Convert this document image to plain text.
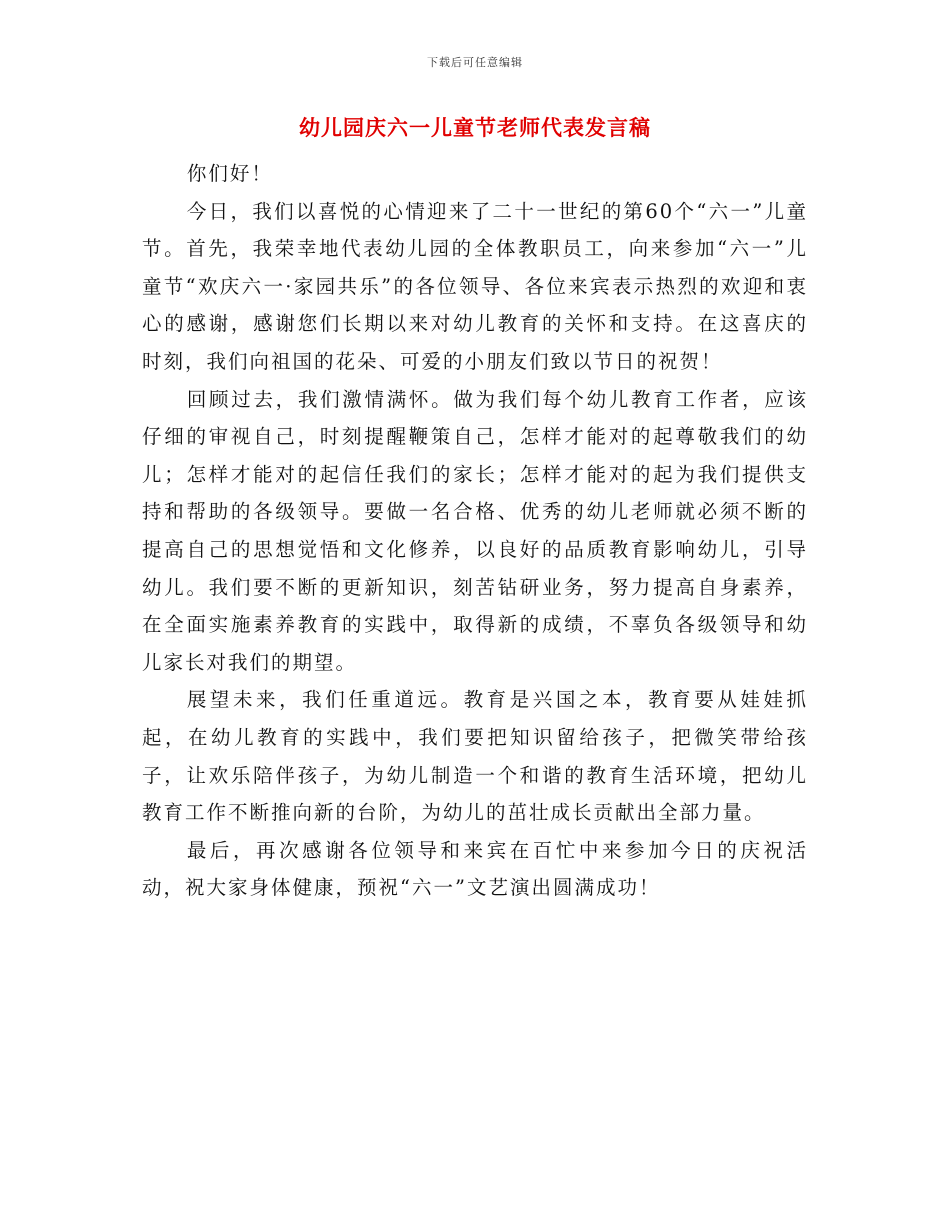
下载后可任意编辑
幼儿园庆六一儿童节老师代表发言稿

你们好！

今日，我们以喜悦的心情迎来了二十一世纪的第60个“六一”儿童节。首先，我荣幸地代表幼儿园的全体教职员工，向来参加“六一”儿童节“欢庆六一·家园共乐”的各位领导、各位来宾表示热烈的欢迎和衷心的感谢，感谢您们长期以来对幼儿教育的关怀和支持。在这喜庆的时刻，我们向祖国的花朵、可爱的小朋友们致以节日的祝贺！

回顾过去，我们激情满怀。做为我们每个幼儿教育工作者，应该仔细的审视自己，时刻提醒鞭策自己，怎样才能对的起尊敬我们的幼儿；怎样才能对的起信任我们的家长；怎样才能对的起为我们提供支持和帮助的各级领导。要做一名合格、优秀的幼儿老师就必须不断的提高自己的思想觉悟和文化修养，以良好的品质教育影响幼儿，引导幼儿。我们要不断的更新知识，刻苦钻研业务，努力提高自身素养，在全面实施素养教育的实践中，取得新的成绩，不辜负各级领导和幼儿家长对我们的期望。

展望未来，我们任重道远。教育是兴国之本，教育要从娃娃抓起，在幼儿教育的实践中，我们要把知识留给孩子，把微笑带给孩子，让欢乐陪伴孩子，为幼儿制造一个和谐的教育生活环境，把幼儿教育工作不断推向新的台阶，为幼儿的茁壮成长贡献出全部力量。

最后，再次感谢各位领导和来宾在百忙中来参加今日的庆祝活动，祝大家身体健康，预祝“六一”文艺演出圆满成功！
